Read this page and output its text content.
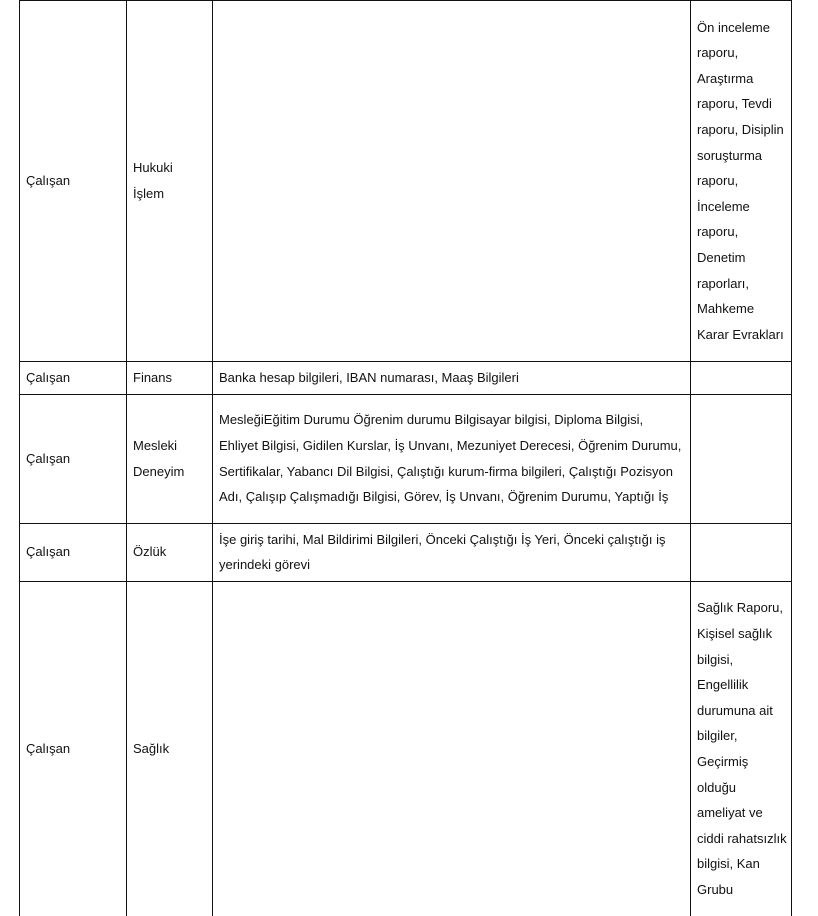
Çalışan	Hukuki İşlem		Ön inceleme raporu, Araştırma raporu, Tevdi raporu, Disiplin soruşturma raporu, İnceleme raporu, Denetim raporları, Mahkeme Karar Evrakları
Çalışan	Finans	Banka hesap bilgileri, IBAN numarası, Maaş Bilgileri	
Çalışan	Mesleki Deneyim	MesleğiEğitim Durumu Öğrenim durumu Bilgisayar bilgisi, Diploma Bilgisi, Ehliyet Bilgisi, Gidilen Kurslar, İş Unvanı, Mezuniyet Derecesi, Öğrenim Durumu, Sertifikalar, Yabancı Dil Bilgisi, Çalıştığı kurum-firma bilgileri, Çalıştığı Pozisyon Adı, Çalışıp Çalışmadığı Bilgisi, Görev, İş Unvanı, Öğrenim Durumu, Yaptığı İş	
Çalışan	Özlük	İşe giriş tarihi, Mal Bildirimi Bilgileri, Önceki Çalıştığı İş Yeri, Önceki çalıştığı iş yerindeki görevi	
Çalışan	Sağlık		Sağlık Raporu, Kişisel sağlık bilgisi, Engellilik durumuna ait bilgiler, Geçirmiş olduğu ameliyat ve ciddi rahatsızlık bilgisi, Kan Grubu
